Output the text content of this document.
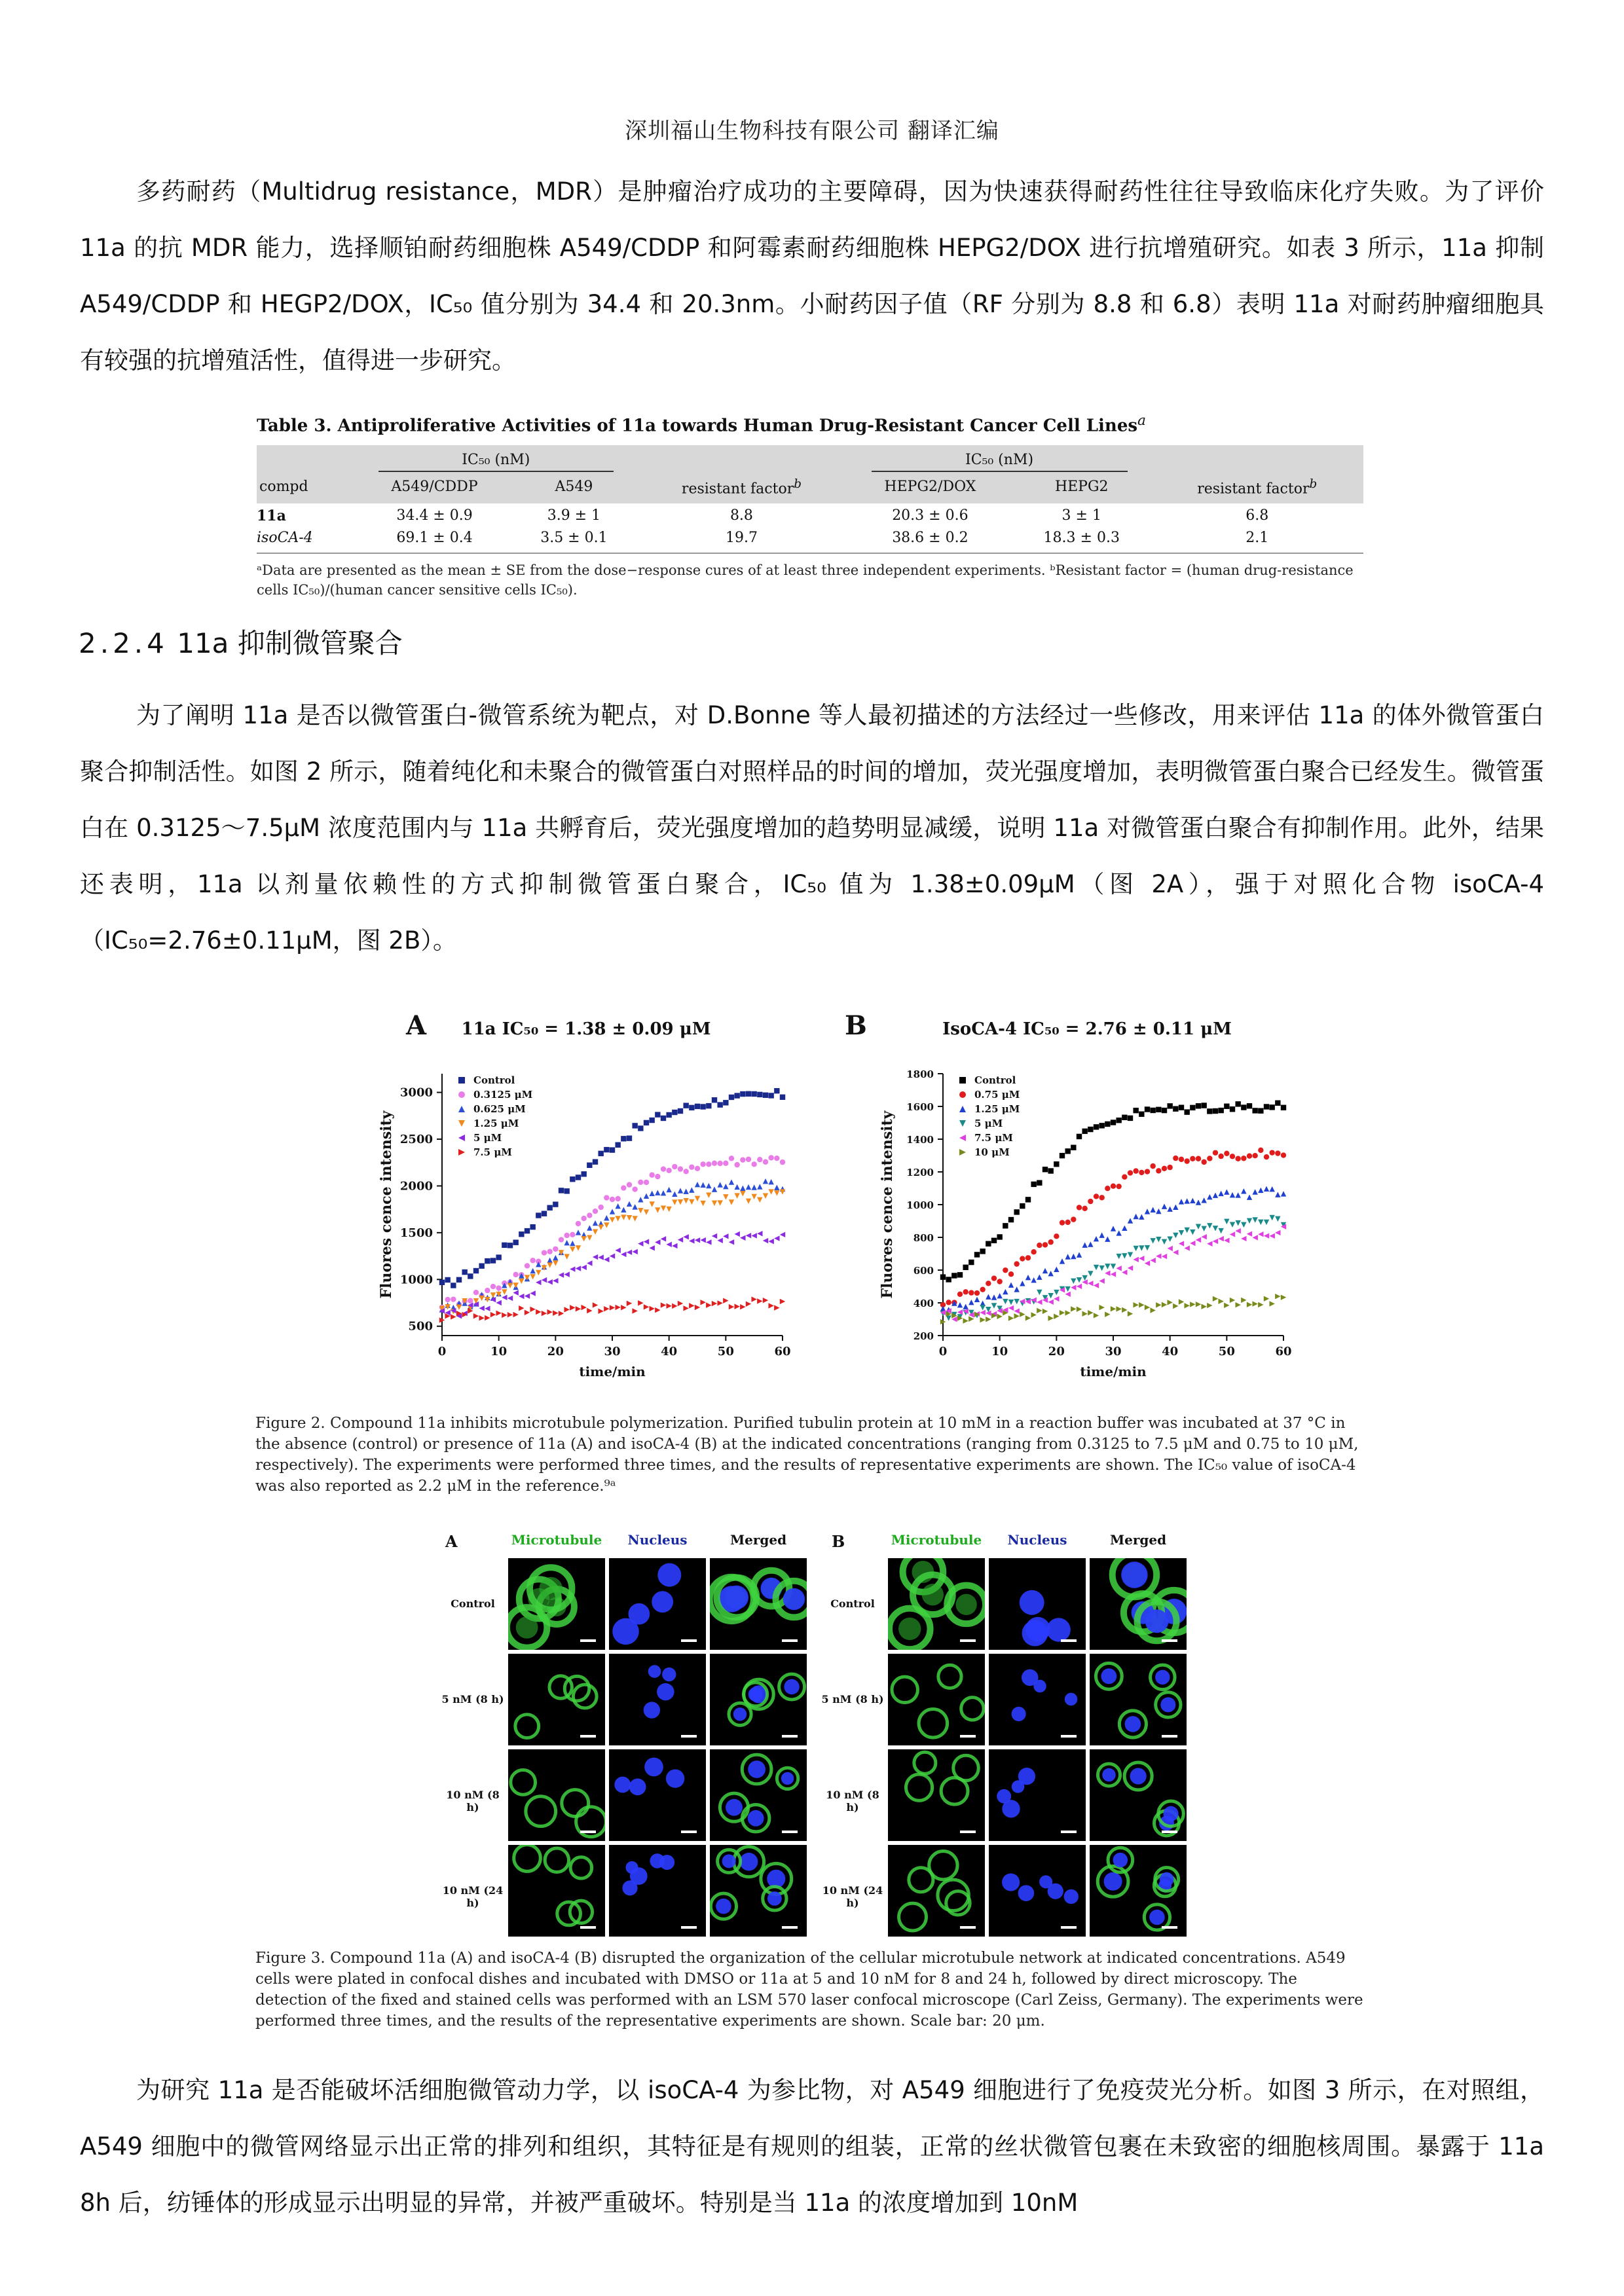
深圳福山生物科技有限公司 翻译汇编

多药耐药（Multidrug resistance，MDR）是肿瘤治疗成功的主要障碍，因为快速获得耐药性往往导致临床化疗失败。为了评价 11a 的抗 MDR 能力，选择顺铂耐药细胞株 A549/CDDP 和阿霉素耐药细胞株 HEPG2/DOX 进行抗增殖研究。如表 3 所示，11a 抑制 A549/CDDP 和 HEGP2/DOX，IC₅₀ 值分别为 34.4 和 20.3nm。小耐药因子值（RF 分别为 8.8 和 6.8）表明 11a 对耐药肿瘤细胞具有较强的抗增殖活性，值得进一步研究。

Table 3. Antiproliferative Activities of 11a towards Human Drug-Resistant Cancer Cell Lines$^a$
	IC₅₀ (nM)			IC₅₀ (nM)		
compd	A549/CDDP	A549	resistant factor$^b$	HEPG2/DOX	HEPG2	resistant factor$^b$
11a	34.4 ± 0.9	3.9 ± 1	8.8	20.3 ± 0.6	3 ± 1	6.8
isoCA-4	69.1 ± 0.4	3.5 ± 0.1	19.7	38.6 ± 0.2	18.3 ± 0.3	2.1
ᵃData are presented as the mean ± SE from the dose−response cures of at least three independent experiments. ᵇResistant factor = (human drug-resistance cells IC₅₀)/(human cancer sensitive cells IC₅₀).
2.2.4 11a 抑制微管聚合

为了阐明 11a 是否以微管蛋白-微管系统为靶点，对 D.Bonne 等人最初描述的方法经过一些修改，用来评估 11a 的体外微管蛋白聚合抑制活性。如图 2 所示，随着纯化和未聚合的微管蛋白对照样品的时间的增加，荧光强度增加，表明微管蛋白聚合已经发生。微管蛋白在 0.3125～7.5μM 浓度范围内与 11a 共孵育后，荧光强度增加的趋势明显减缓，说明 11a 对微管蛋白聚合有抑制作用。此外，结果还表明，11a 以剂量依赖性的方式抑制微管蛋白聚合，IC₅₀ 值为 1.38±0.09μM（图 2A），强于对照化合物 isoCA-4（IC₅₀=2.76±0.11μM，图 2B）。

A 11a IC₅₀ = 1.38 ± 0.09 μM
0	10	20	30	40	50	60
500
1000
1500
2000
2500
3000
time/min
Fluores cence intensity
Control
0.3125 μM
0.625 μM
1.25 μM
5 μM
7.5 μM
B	IsoCA-4 IC₅₀ = 2.76 ± 0.11 μM
0	10	20	30	40	50	60
200
400
600
800
1000
1200
1400
1600
1800
time/min
Fluores cence intensity
Control
0.75 μM
1.25 μM
5 μM
7.5 μM
10 μM
Figure 2. Compound 11a inhibits microtubule polymerization. Purified tubulin protein at 10 mM in a reaction buffer was incubated at 37 °C in the absence (control) or presence of 11a (A) and isoCA-4 (B) at the indicated concentrations (ranging from 0.3125 to 7.5 μM and 0.75 to 10 μM, respectively). The experiments were performed three times, and the results of representative experiments are shown. The IC₅₀ value of isoCA-4 was also reported as 2.2 μM in the reference.⁹ᵃ
A	B
Microtubule	Nucleus	Merged
Control
5 nM (8 h)
10 nM (8 h)
10 nM (24 h)
Microtubule	Nucleus	Merged
Control
5 nM (8 h)
10 nM (8 h)
10 nM (24 h)
Figure 3. Compound 11a (A) and isoCA-4 (B) disrupted the organization of the cellular microtubule network at indicated concentrations. A549 cells were plated in confocal dishes and incubated with DMSO or 11a at 5 and 10 nM for 8 and 24 h, followed by direct microscopy. The detection of the fixed and stained cells was performed with an LSM 570 laser confocal microscope (Carl Zeiss, Germany). The experiments were performed three times, and the results of the representative experiments are shown. Scale bar: 20 μm.

为研究 11a 是否能破坏活细胞微管动力学，以 isoCA-4 为参比物，对 A549 细胞进行了免疫荧光分析。如图 3 所示，在对照组，A549 细胞中的微管网络显示出正常的排列和组织，其特征是有规则的组装，正常的丝状微管包裹在未致密的细胞核周围。暴露于 11a 8h 后，纺锤体的形成显示出明显的异常，并被严重破坏。特别是当 11a 的浓度增加到 10nM
